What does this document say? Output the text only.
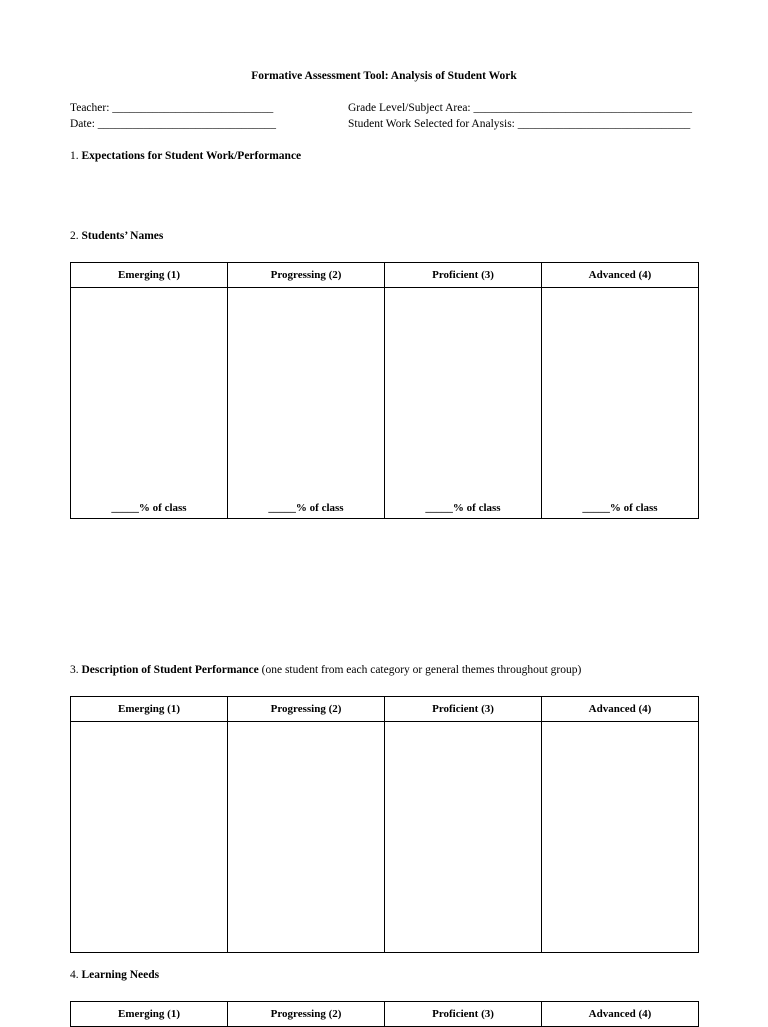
Formative Assessment Tool: Analysis of Student Work
Teacher: ____________________________	Grade Level/Subject Area: ______________________________________
Date: _______________________________	Student Work Selected for Analysis: ______________________________
1. Expectations for Student Work/Performance
2. Students’ Names
Emerging (1)	Progressing (2)	Proficient (3)	Advanced (4)

_____% of class	_____% of class	_____% of class	_____% of class
3. Description of Student Performance (one student from each category or general themes throughout group)
Emerging (1)	Progressing (2)	Proficient (3)	Advanced (4)

4. Learning Needs
Emerging (1)	Progressing (2)	Proficient (3)	Advanced (4)
